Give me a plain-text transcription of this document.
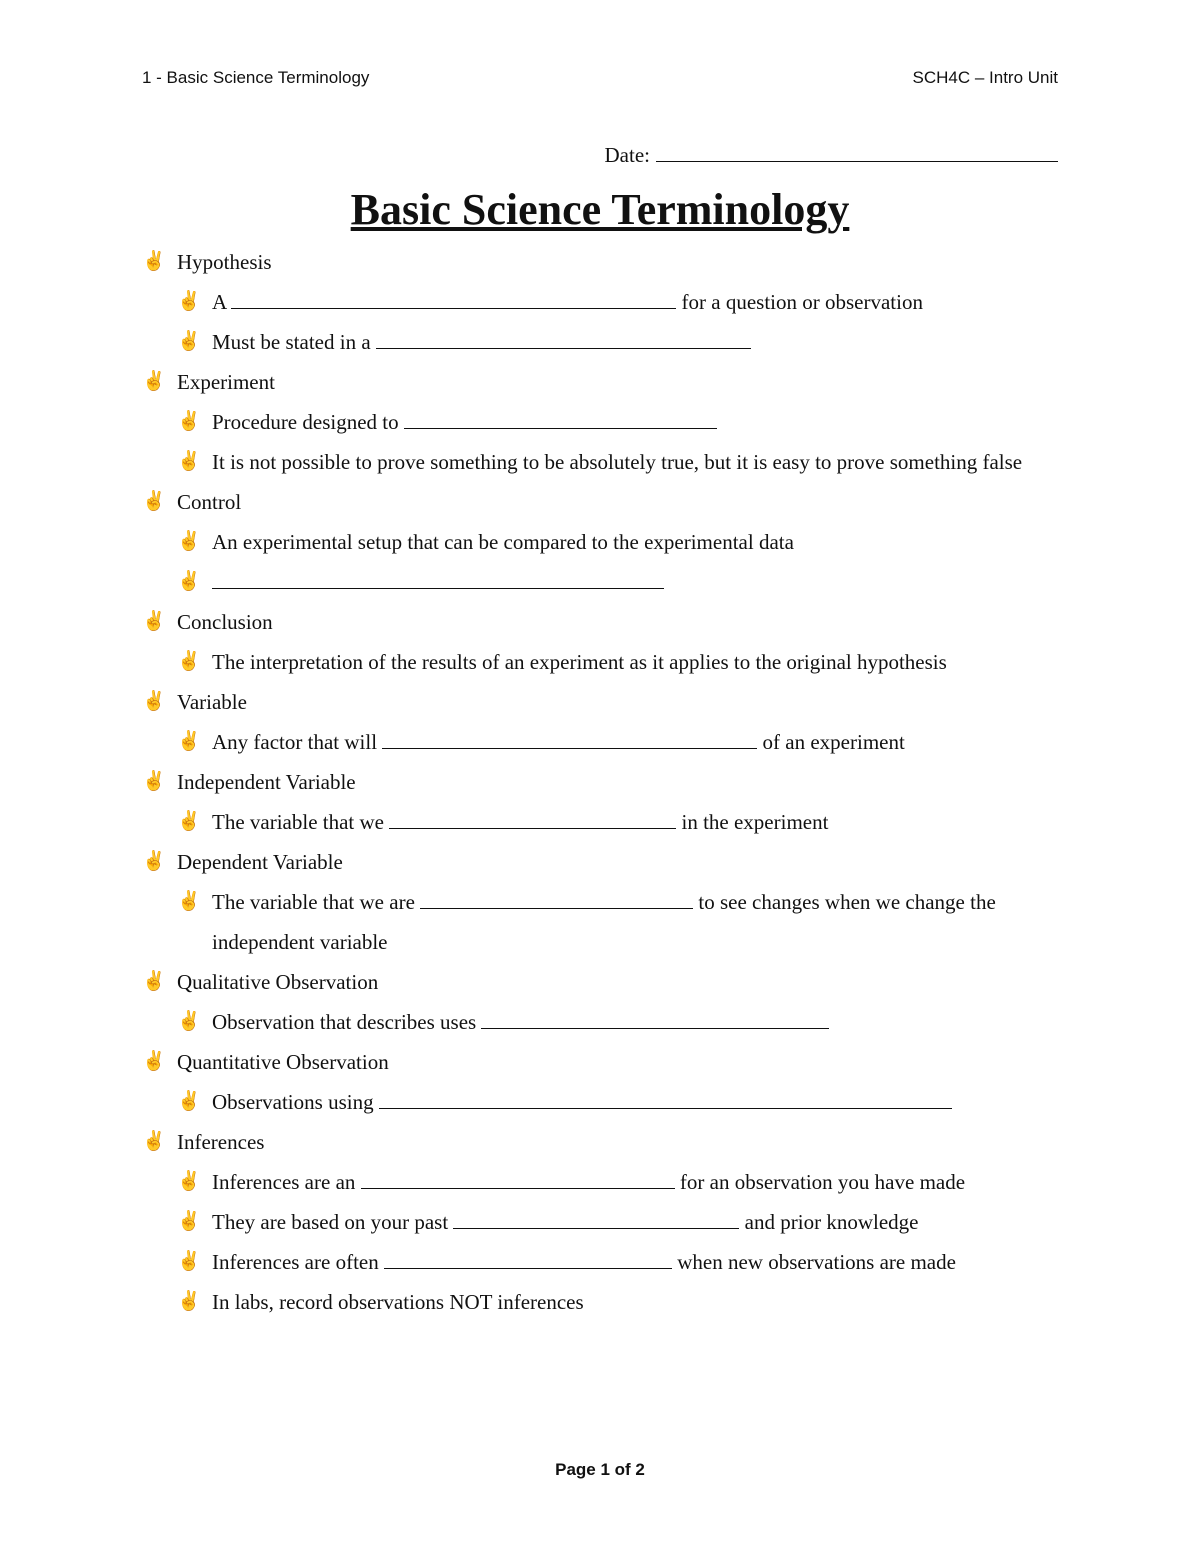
1 - Basic Science Terminology	SCH4C – Intro Unit
Date:
Basic Science Terminology
✌ Hypothesis
✌ A	for a question or observation
✌ Must be stated in a
✌ Experiment
✌ Procedure designed to
✌ It is not possible to prove something to be absolutely true, but it is easy to prove something false
✌ Control
✌ An experimental setup that can be compared to the experimental data
✌
✌ Conclusion
✌ The interpretation of the results of an experiment as it applies to the original hypothesis
✌ Variable
✌ Any factor that will	of an experiment
✌ Independent Variable
✌ The variable that we	in the experiment
✌ Dependent Variable
✌ The variable that we are	to see changes when we change the independent variable
✌ Qualitative Observation
✌ Observation that describes uses
✌ Quantitative Observation
✌ Observations using
✌ Inferences
✌ Inferences are an	for an observation you have made
✌ They are based on your past	and prior knowledge
✌ Inferences are often	when new observations are made
✌ In labs, record observations NOT inferences
Page 1 of 2
